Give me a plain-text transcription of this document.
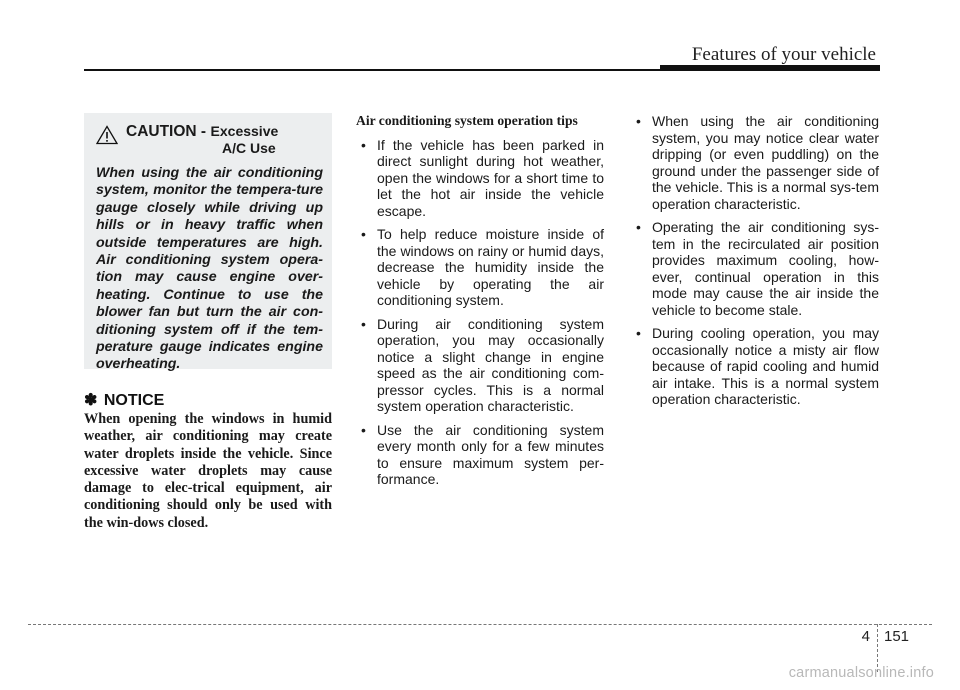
Features of your vehicle
CAUTION - Excessive
A/C Use
When using the air conditioning system, monitor the tempera-ture gauge closely while driving up hills or in heavy traffic when outside temperatures are high. Air conditioning system opera-tion may cause engine over-heating. Continue to use the blower fan but turn the air con-ditioning system off if the tem-perature gauge indicates engine overheating.
✽ NOTICE
When opening the windows in humid weather, air conditioning may create water droplets inside the vehicle. Since excessive water droplets may cause damage to elec-trical equipment, air conditioning should only be used with the win-dows closed.
Air conditioning system operation tips
• If the vehicle has been parked in direct sunlight during hot weather, open the windows for a short time to let the hot air inside the vehicle escape.
• To help reduce moisture inside of the windows on rainy or humid days, decrease the humidity inside the vehicle by operating the air conditioning system.
• During air conditioning system operation, you may occasionally notice a slight change in engine speed as the air conditioning com-pressor cycles. This is a normal system operation characteristic.
• Use the air conditioning system every month only for a few minutes to ensure maximum system per-formance.
• When using the air conditioning system, you may notice clear water dripping (or even puddling) on the ground under the passenger side of the vehicle. This is a normal sys-tem operation characteristic.
• Operating the air conditioning sys-tem in the recirculated air position provides maximum cooling, how-ever, continual operation in this mode may cause the air inside the vehicle to become stale.
• During cooling operation, you may occasionally notice a misty air flow because of rapid cooling and humid air intake. This is a normal system operation characteristic.
4 151
carmanualsonline.info
